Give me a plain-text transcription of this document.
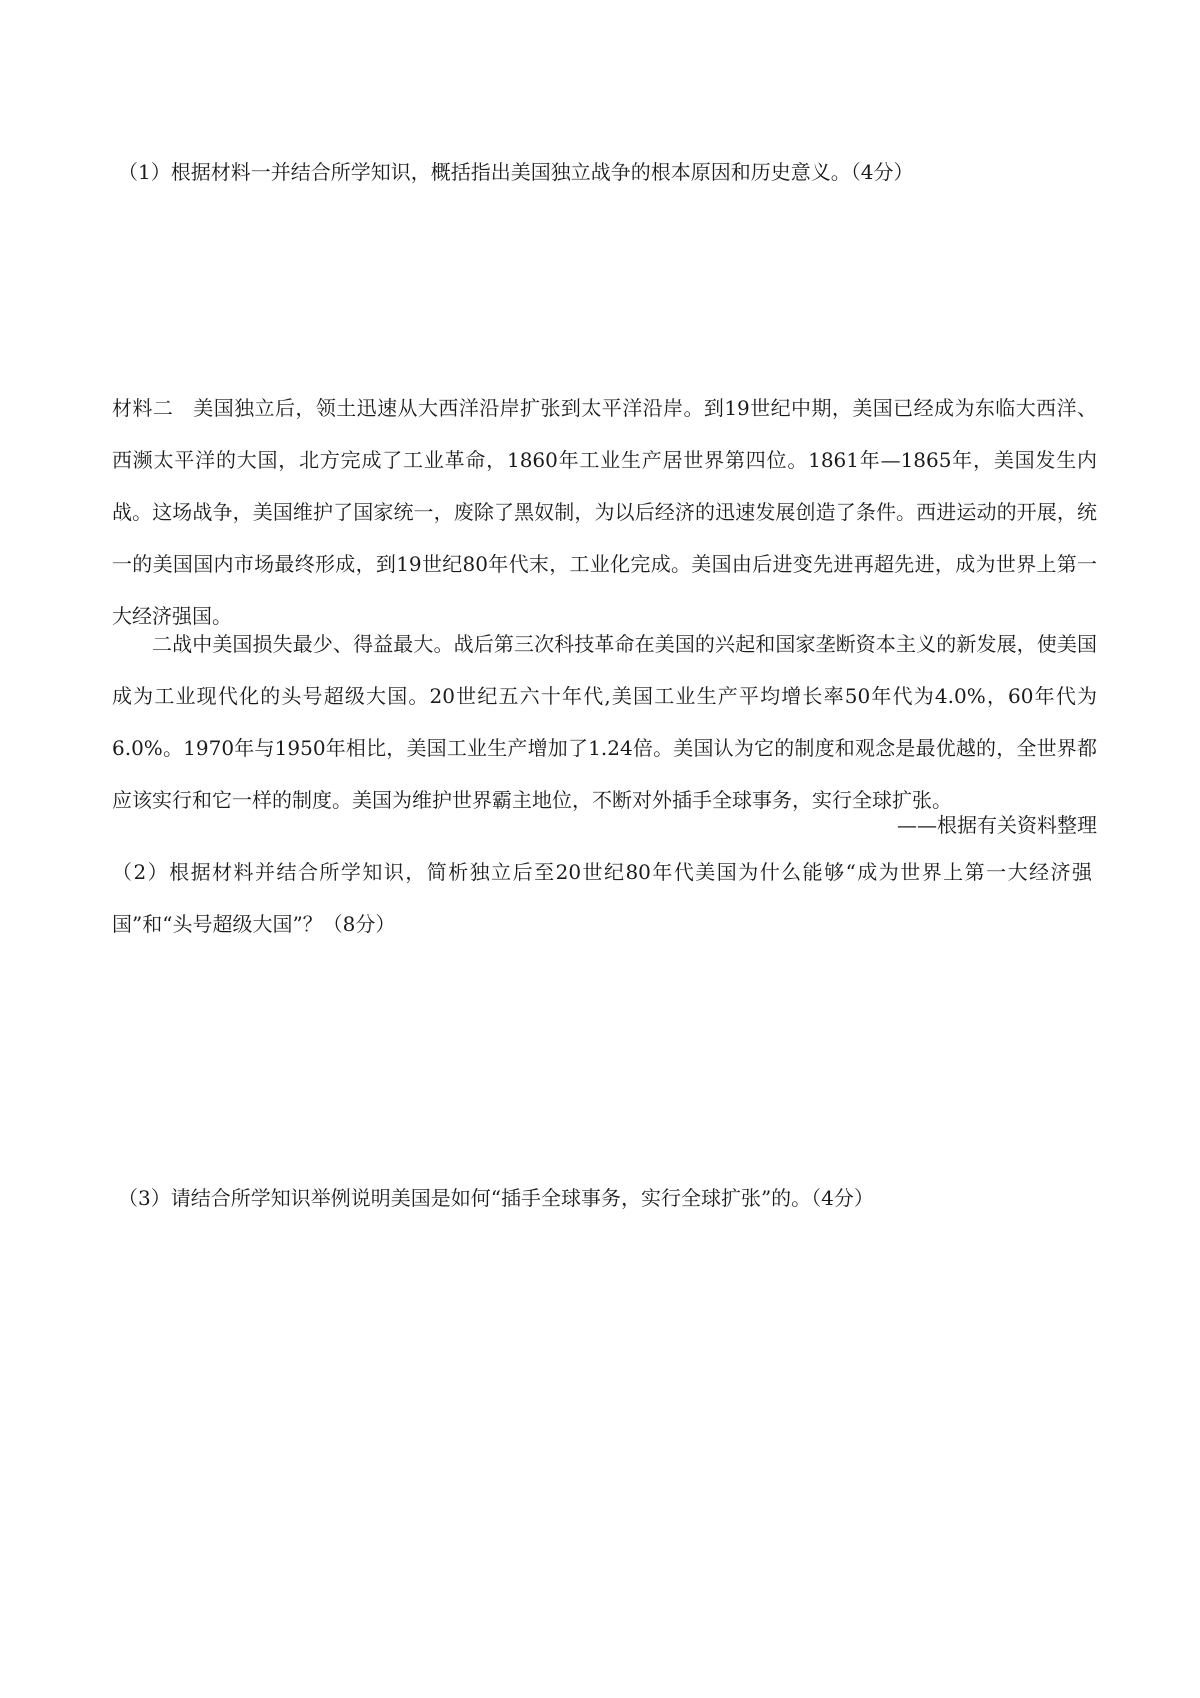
（1）根据材料一并结合所学知识，概括指出美国独立战争的根本原因和历史意义。（4分）

材料二 美国独立后，领土迅速从大西洋沿岸扩张到太平洋沿岸。到19世纪中期，美国已经成为东临大西洋、西濒太平洋的大国，北方完成了工业革命，1860年工业生产居世界第四位。1861年—1865年，美国发生内战。这场战争，美国维护了国家统一，废除了黑奴制，为以后经济的迅速发展创造了条件。西进运动的开展，统一的美国国内市场最终形成，到19世纪80年代末，工业化完成。美国由后进变先进再超先进，成为世界上第一大经济强国。

二战中美国损失最少、得益最大。战后第三次科技革命在美国的兴起和国家垄断资本主义的新发展，使美国成为工业现代化的头号超级大国。20世纪五六十年代,美国工业生产平均增长率50年代为4.0%，60年代为6.0%。1970年与1950年相比，美国工业生产增加了1.24倍。美国认为它的制度和观念是最优越的，全世界都应该实行和它一样的制度。美国为维护世界霸主地位，不断对外插手全球事务，实行全球扩张。

——根据有关资料整理

（2）根据材料并结合所学知识，简析独立后至20世纪80年代美国为什么能够“成为世界上第一大经济强国”和“头号超级大国”？（8分）

（3）请结合所学知识举例说明美国是如何“插手全球事务，实行全球扩张”的。（4分）
